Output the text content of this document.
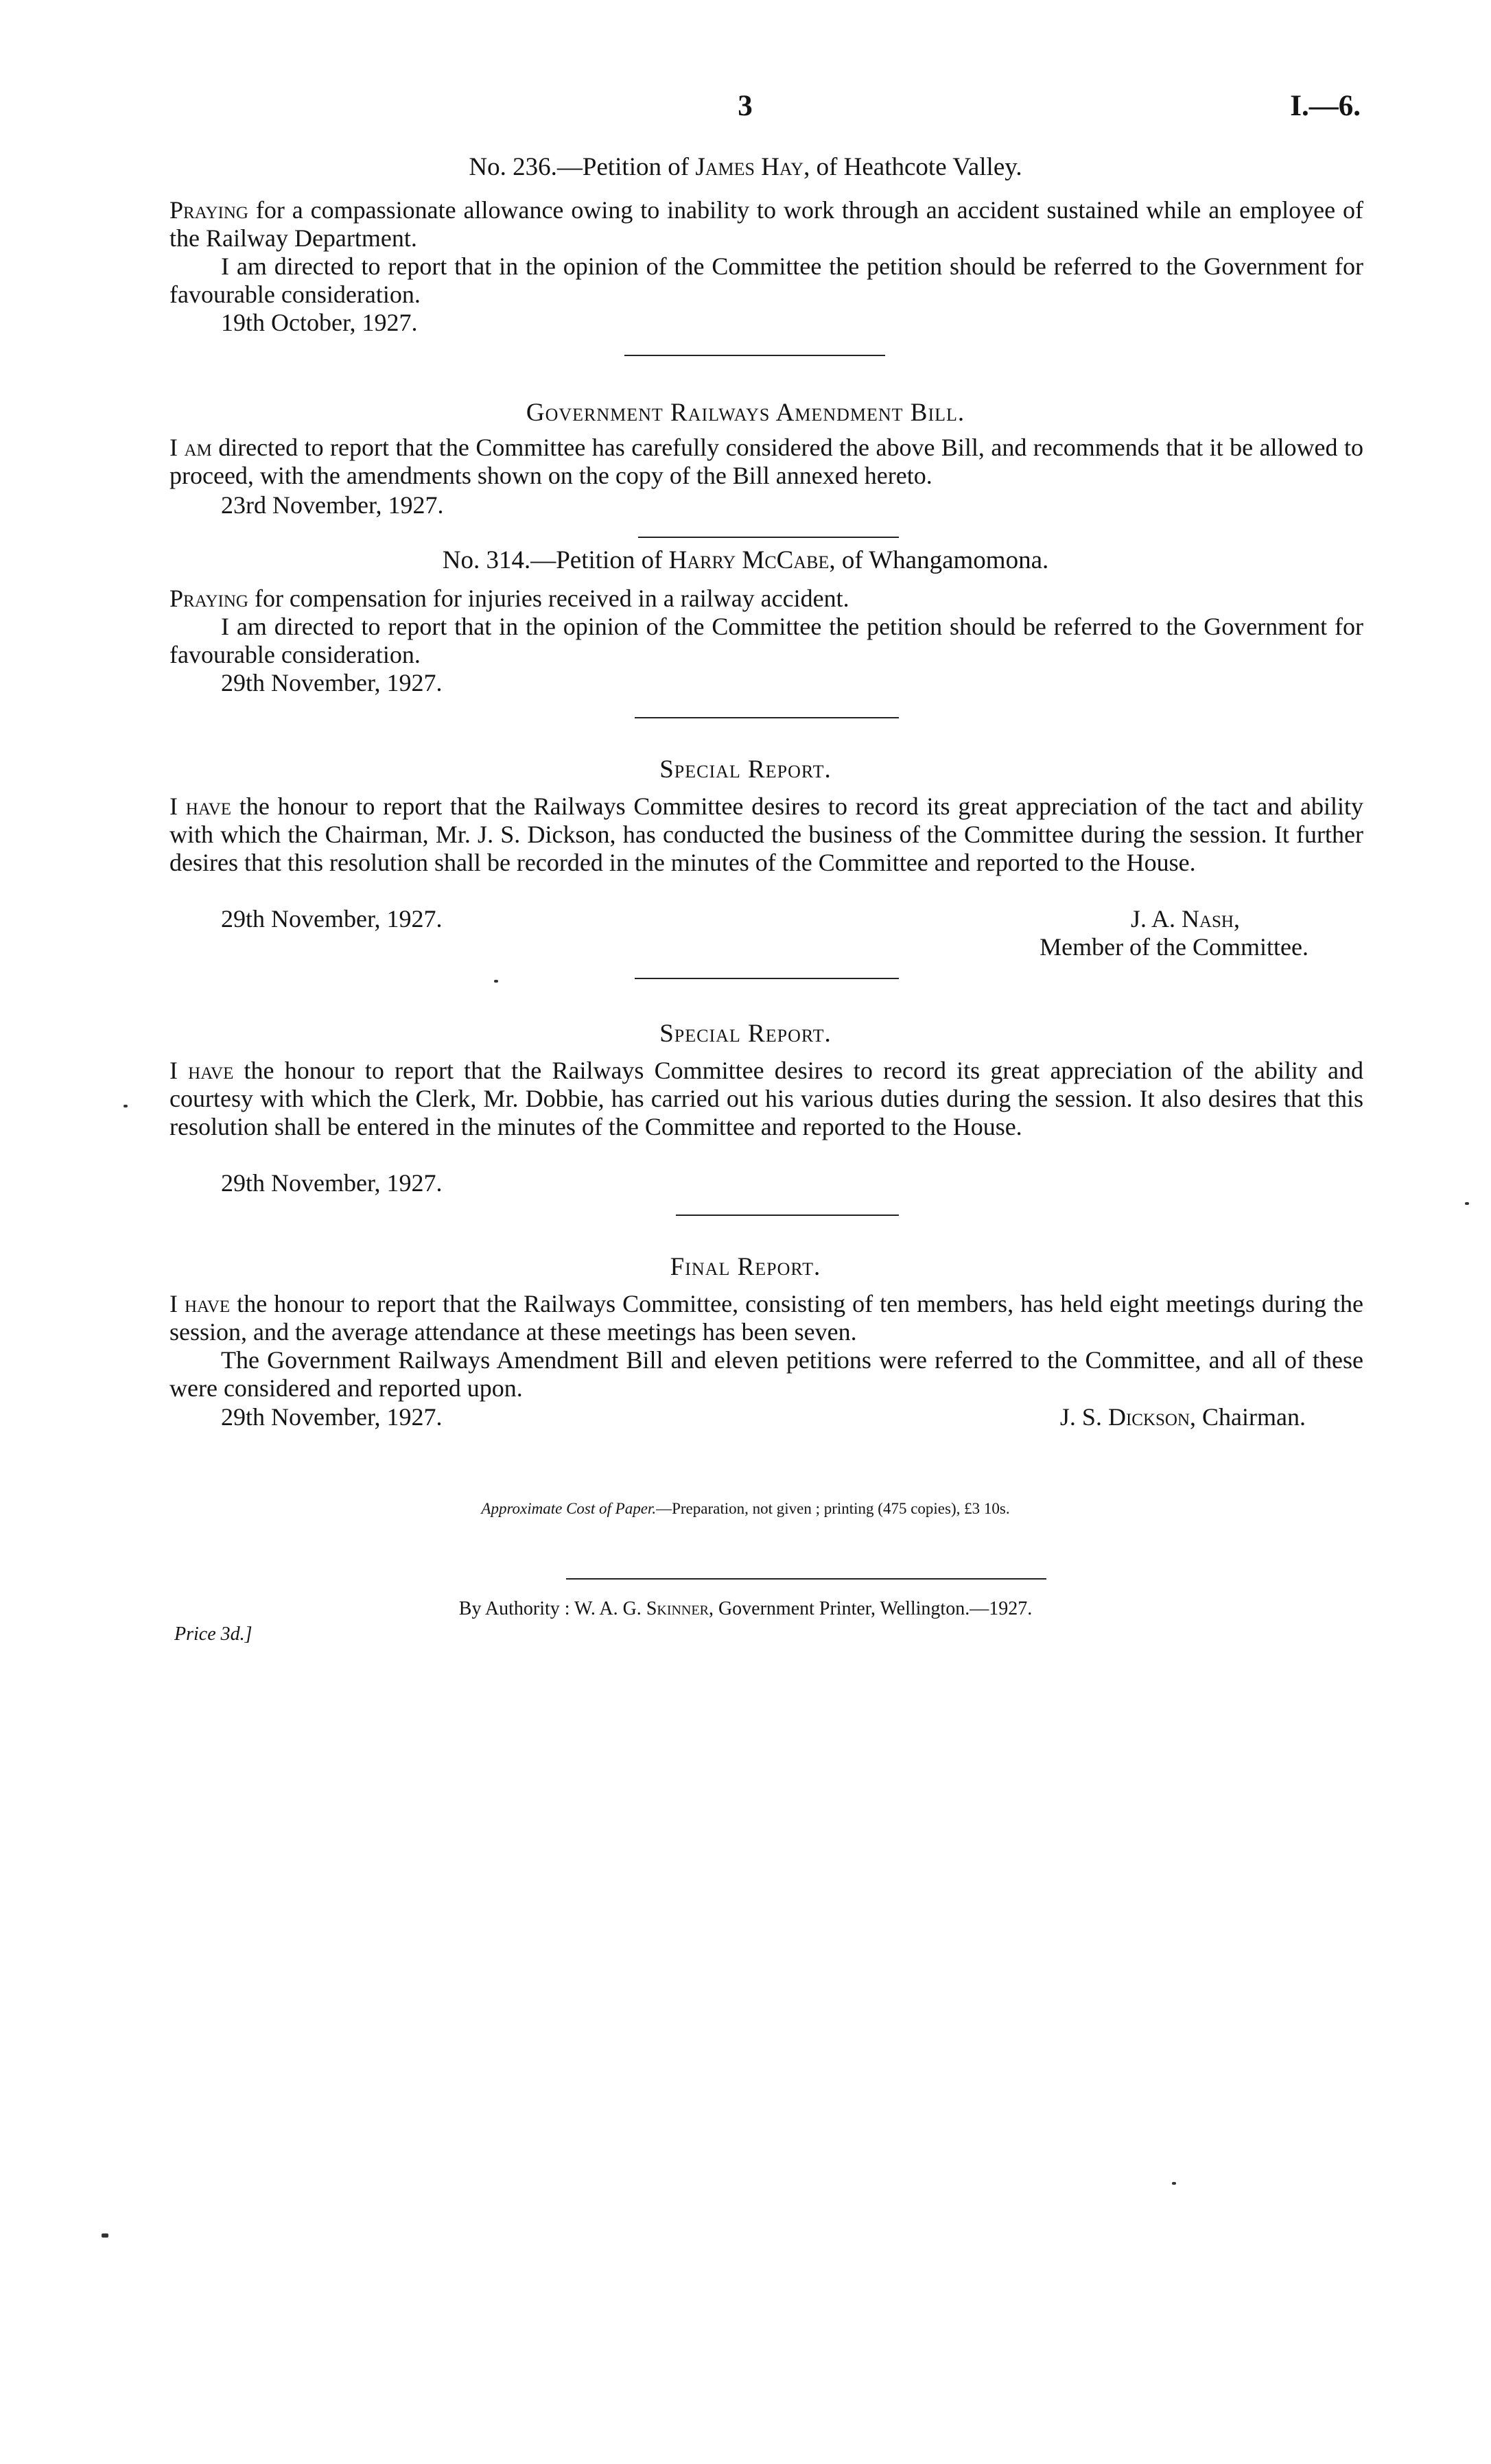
3	I.—6.

No. 236.—Petition of James Hay, of Heathcote Valley.

Praying for a compassionate allowance owing to inability to work through an accident sustained while an employee of the Railway Department.

I am directed to report that in the opinion of the Committee the petition should be referred to the Government for favourable consideration.

19th October, 1927.

Government Railways Amendment Bill.

I am directed to report that the Committee has carefully considered the above Bill, and recommends that it be allowed to proceed, with the amendments shown on the copy of the Bill annexed hereto.

23rd November, 1927.

No. 314.—Petition of Harry McCabe, of Whangamomona.

Praying for compensation for injuries received in a railway accident.

I am directed to report that in the opinion of the Committee the petition should be referred to the Government for favourable consideration.

29th November, 1927.

Special Report.

I have the honour to report that the Railways Committee desires to record its great appreciation of the tact and ability with which the Chairman, Mr. J. S. Dickson, has conducted the business of the Committee during the session. It further desires that this resolution shall be recorded in the minutes of the Committee and reported to the House.

29th November, 1927.	J. A. Nash,
Member of the Committee.

Special Report.

I have the honour to report that the Railways Committee desires to record its great appreciation of the ability and courtesy with which the Clerk, Mr. Dobbie, has carried out his various duties during the session. It also desires that this resolution shall be entered in the minutes of the Committee and reported to the House.

29th November, 1927.

Final Report.

I have the honour to report that the Railways Committee, consisting of ten members, has held eight meetings during the session, and the average attendance at these meetings has been seven.

The Government Railways Amendment Bill and eleven petitions were referred to the Committee, and all of these were considered and reported upon.

29th November, 1927.	J. S. Dickson, Chairman.

Approximate Cost of Paper.—Preparation, not given ; printing (475 copies), £3 10s.

By Authority : W. A. G. Skinner, Government Printer, Wellington.—1927.

Price 3d.]
